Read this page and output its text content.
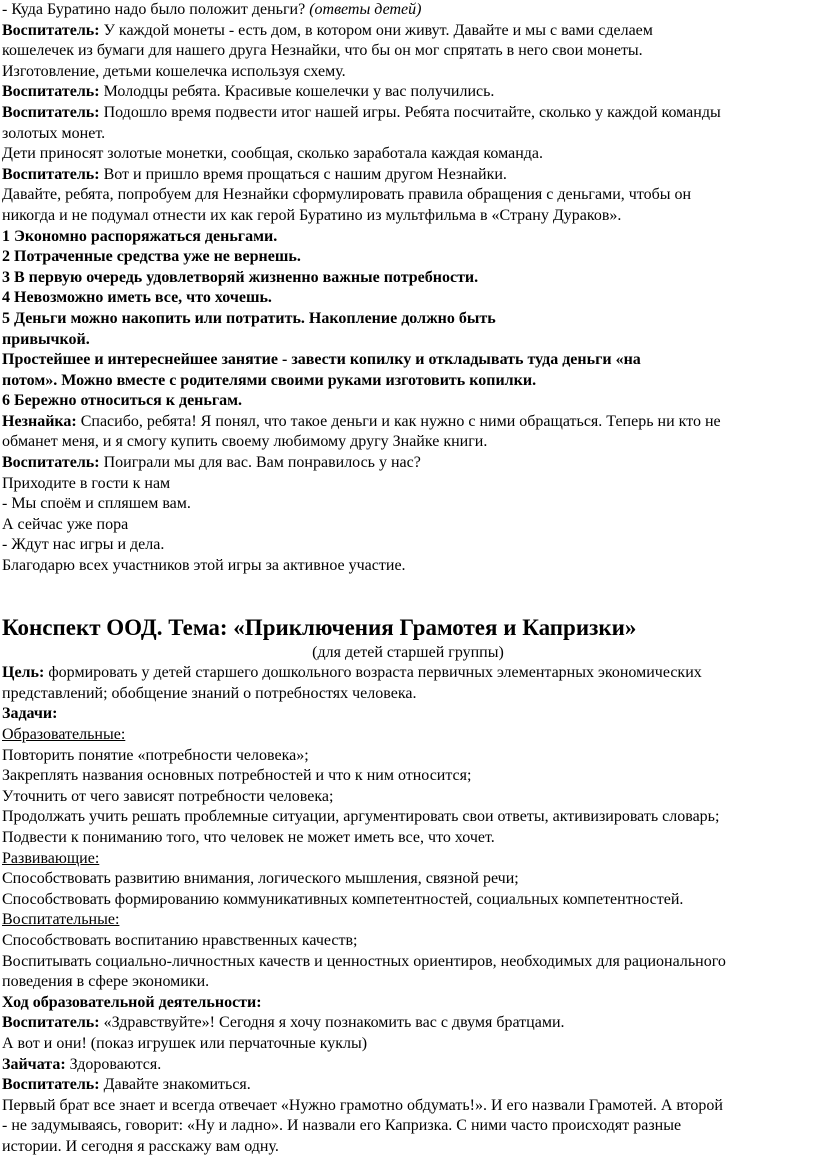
- Куда Буратино надо было положит деньги? (ответы детей)
Воспитатель: У каждой монеты - есть дом, в котором они живут. Давайте и мы с вами сделаем
кошелечек из бумаги для нашего друга Незнайки, что бы он мог спрятать в него свои монеты.
Изготовление, детьми кошелечка используя схему.
Воспитатель: Молодцы ребята. Красивые кошелечки у вас получились.
Воспитатель: Подошло время подвести итог нашей игры. Ребята посчитайте, сколько у каждой команды
золотых монет.
Дети приносят золотые монетки, сообщая, сколько заработала каждая команда.
Воспитатель: Вот и пришло время прощаться с нашим другом Незнайки.
Давайте, ребята, попробуем для Незнайки сформулировать правила обращения с деньгами, чтобы он
никогда и не подумал отнести их как герой Буратино из мультфильма в «Страну Дураков».
1 Экономно распоряжаться деньгами.
2 Потраченные средства уже не вернешь.
3 В первую очередь удовлетворяй жизненно важные потребности.
4 Невозможно иметь все, что хочешь.
5 Деньги можно накопить или потратить. Накопление должно быть
привычкой.
Простейшее и интереснейшее занятие - завести копилку и откладывать туда деньги «на
потом». Можно вместе с родителями своими руками изготовить копилки.
6 Бережно относиться к деньгам.
Незнайка: Спасибо, ребята! Я понял, что такое деньги и как нужно с ними обращаться. Теперь ни кто не
обманет меня, и я смогу купить своему любимому другу Знайке книги.
Воспитатель: Поиграли мы для вас. Вам понравилось у нас?
Приходите в гости к нам
- Мы споём и спляшем вам.
А сейчас уже пора
- Ждут нас игры и дела.
Благодарю всех участников этой игры за активное участие.
Конспект ООД. Тема: «Приключения Грамотея и Капризки»
(для детей старшей группы)
Цель: формировать у детей старшего дошкольного возраста первичных элементарных экономических
представлений; обобщение знаний о потребностях человека.
Задачи:
Образовательные:
Повторить понятие «потребности человека»;
Закреплять названия основных потребностей и что к ним относится;
Уточнить от чего зависят потребности человека;
Продолжать учить решать проблемные ситуации, аргументировать свои ответы, активизировать словарь;
Подвести к пониманию того, что человек не может иметь все, что хочет.
Развивающие:
Способствовать развитию внимания, логического мышления, связной речи;
Способствовать формированию коммуникативных компетентностей, социальных компетентностей.
Воспитательные:
Способствовать воспитанию нравственных качеств;
Воспитывать социально-личностных качеств и ценностных ориентиров, необходимых для рационального
поведения в сфере экономики.
Ход образовательной деятельности:
Воспитатель: «Здравствуйте»! Сегодня я хочу познакомить вас с двумя братцами.
А вот и они! (показ игрушек или перчаточные куклы)
Зайчата: Здороваются.
Воспитатель: Давайте знакомиться.
Первый брат все знает и всегда отвечает «Нужно грамотно обдумать!». И его назвали Грамотей. А второй
- не задумываясь, говорит: «Ну и ладно». И назвали его Капризка. С ними часто происходят разные
истории. И сегодня я расскажу вам одну.
